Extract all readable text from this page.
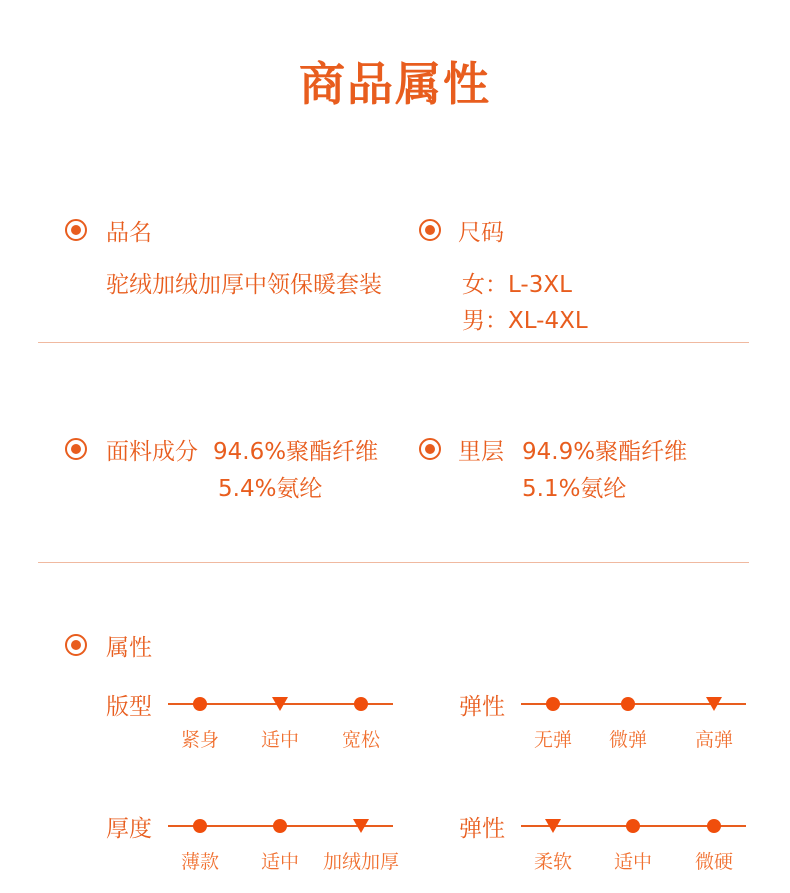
商品属性
品名
驼绒加绒加厚中领保暖套装
尺码
女：L-3XL
男：XL-4XL
面料成分 94.6%聚酯纤维
5.4%氨纶
里层 94.9%聚酯纤维
5.1%氨纶
属性
版型
紧身	适中	宽松
弹性
无弹	微弹	高弹
厚度
薄款	适中	加绒加厚
弹性
柔软	适中	微硬
